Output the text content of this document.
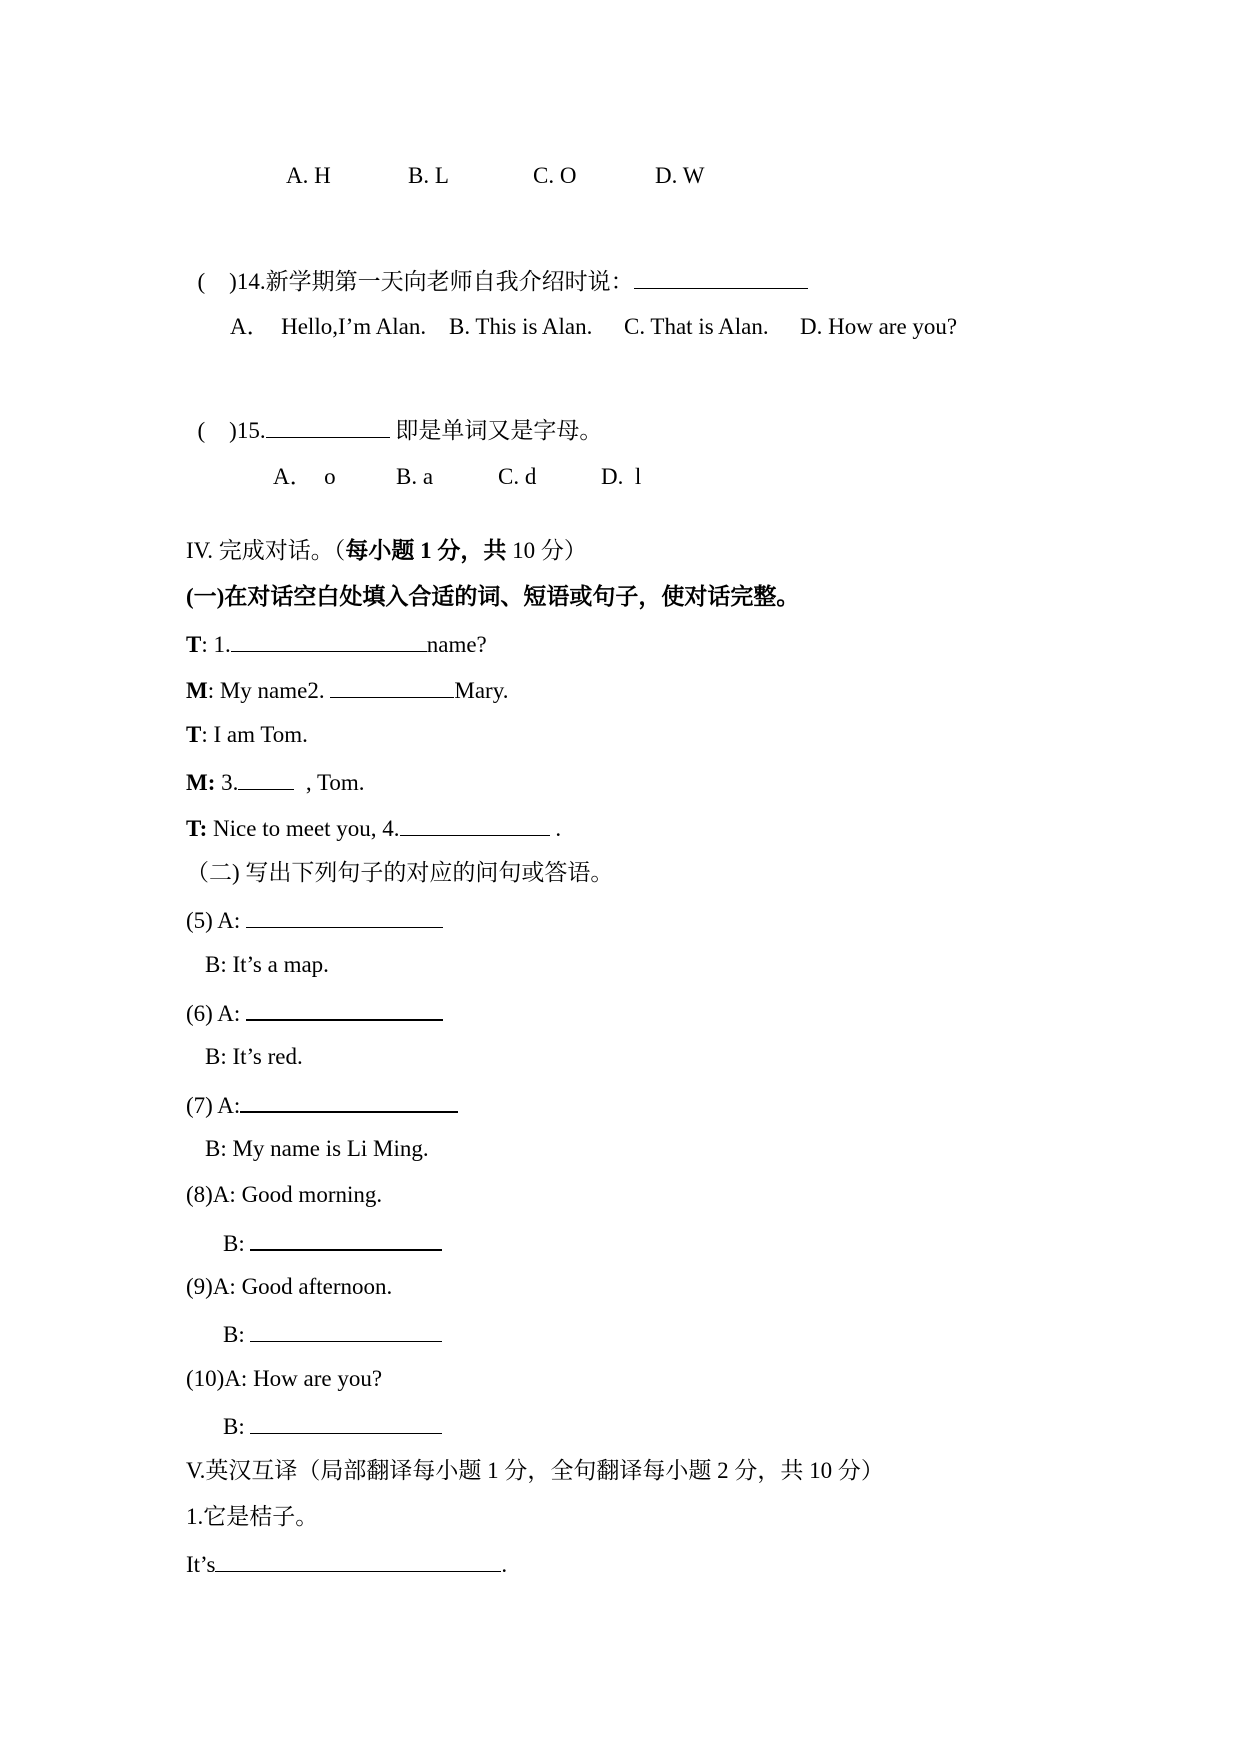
A. H	B. L	C. O	D. W

( )14.新学期第一天向老师自我介绍时说：

A．  Hello,I’m Alan. B. This is Alan. C. That is Alan. D. How are you?

( )15.	即是单词又是字母。

A．  o	B. a	C. d	D.  l
IV. 完成对话。（每小题 1 分，共 10 分）
(一)在对话空白处填入合适的词、短语或句子，使对话完整。
T: 1.	name?
M: My name2.	Mary.
T: I am Tom.
M: 3.  , Tom.
T: Nice to meet you, 4.	.
（二) 写出下列句子的对应的问句或答语。
(5) A:
B: It’s a map.
(6) A:
B: It’s red.
(7) A:
B: My name is Li Ming.
(8)A: Good morning.
B:
(9)A: Good afternoon.
B:
(10)A: How are you?
B:
V.英汉互译（局部翻译每小题 1 分，全句翻译每小题 2 分，共 10 分）
1.它是桔子。
It’s	.
